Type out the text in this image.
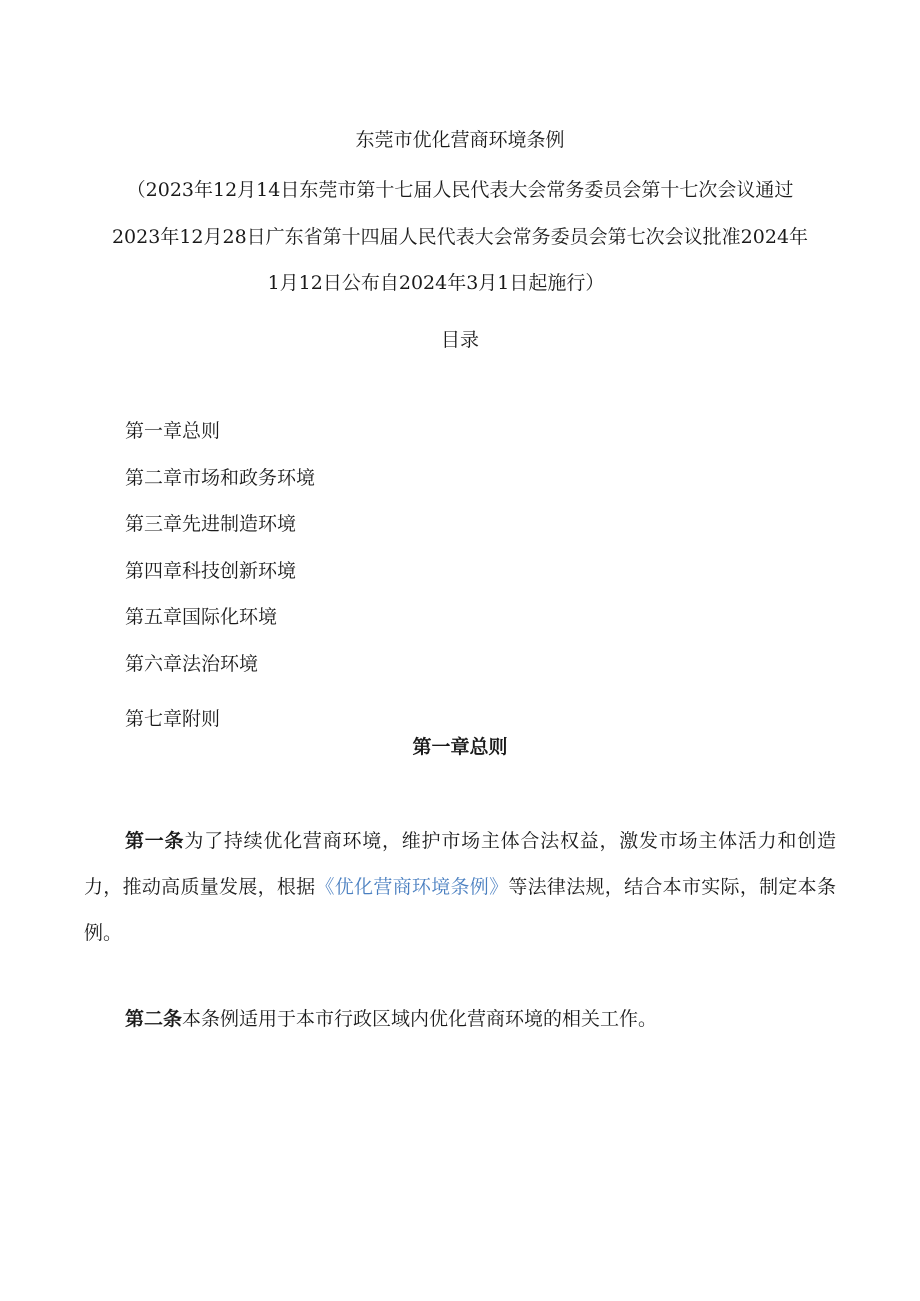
东莞市优化营商环境条例
（2023年12月14日东莞市第十七届人民代表大会常务委员会第十七次会议通过
2023年12月28日广东省第十四届人民代表大会常务委员会第七次会议批准2024年
1月12日公布自2024年3月1日起施行）
目录
第一章总则
第二章市场和政务环境
第三章先进制造环境
第四章科技创新环境
第五章国际化环境
第六章法治环境
第七章附则
第一章总则

第一条为了持续优化营商环境，维护市场主体合法权益，激发市场主体活力和创造力，推动高质量发展，根据《优化营商环境条例》等法律法规，结合本市实际，制定本条例。

第二条本条例适用于本市行政区域内优化营商环境的相关工作。
